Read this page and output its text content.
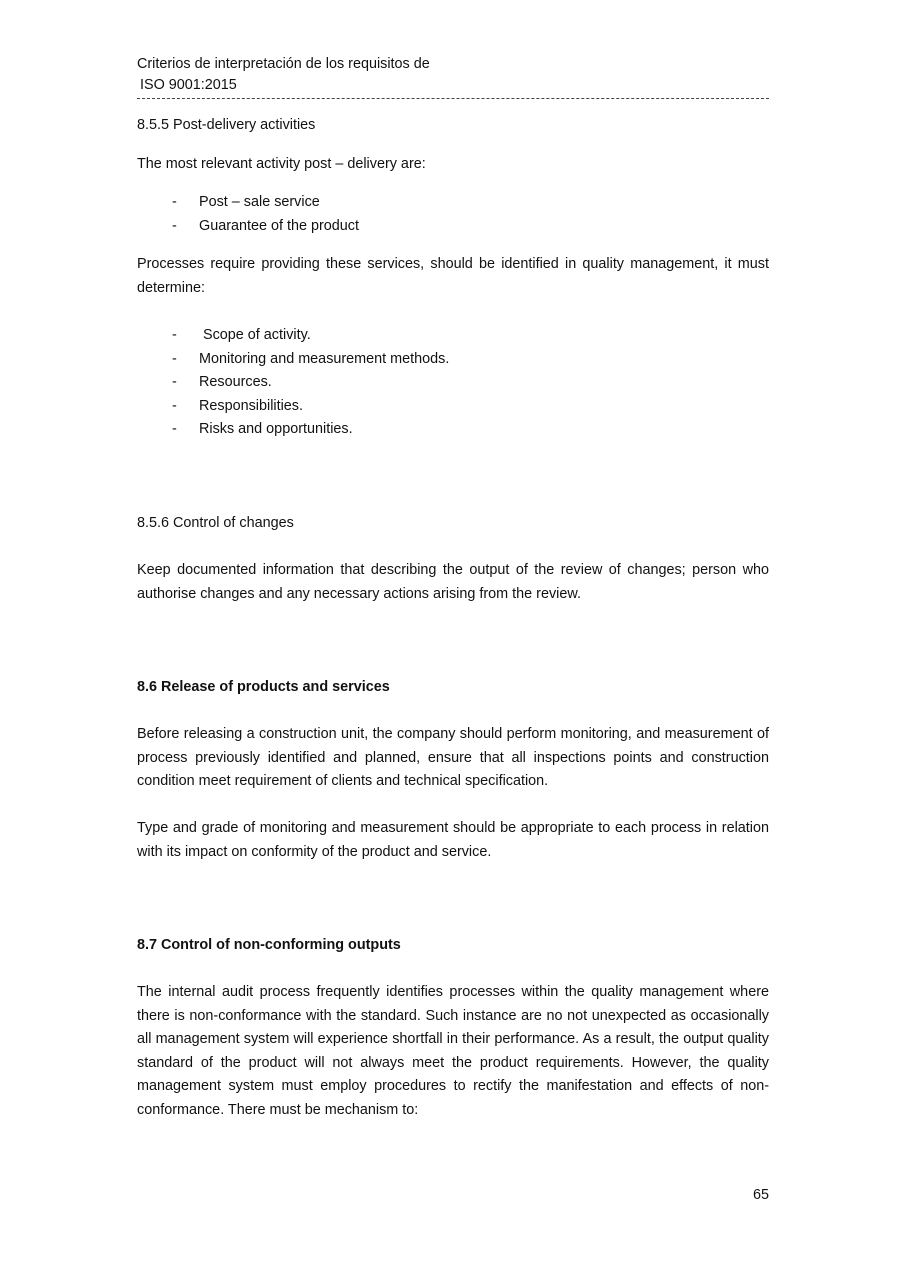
Criterios de interpretación de los requisitos de
ISO 9001:2015
8.5.5 Post-delivery activities
The most relevant activity post – delivery are:
- Post – sale service
- Guarantee of the product
Processes require providing these services, should be identified in quality management, it must determine:
- Scope of activity.
- Monitoring and measurement methods.
- Resources.
- Responsibilities.
- Risks and opportunities.
8.5.6 Control of changes
Keep documented information that describing the output of the review of changes; person who authorise changes and any necessary actions arising from the review.
8.6 Release of products and services
Before releasing a construction unit, the company should perform monitoring, and measurement of process previously identified and planned, ensure that all inspections points and construction condition meet requirement of clients and technical specification.
Type and grade of monitoring and measurement should be appropriate to each process in relation with its impact on conformity of the product and service.
8.7 Control of non-conforming outputs
The internal audit process frequently identifies processes within the quality management where there is non-conformance with the standard. Such instance are no not unexpected as occasionally all management system will experience shortfall in their performance. As a result, the output quality standard of the product will not always meet the product requirements. However, the quality management system must employ procedures to rectify the manifestation and effects of non-conformance. There must be mechanism to:
65
